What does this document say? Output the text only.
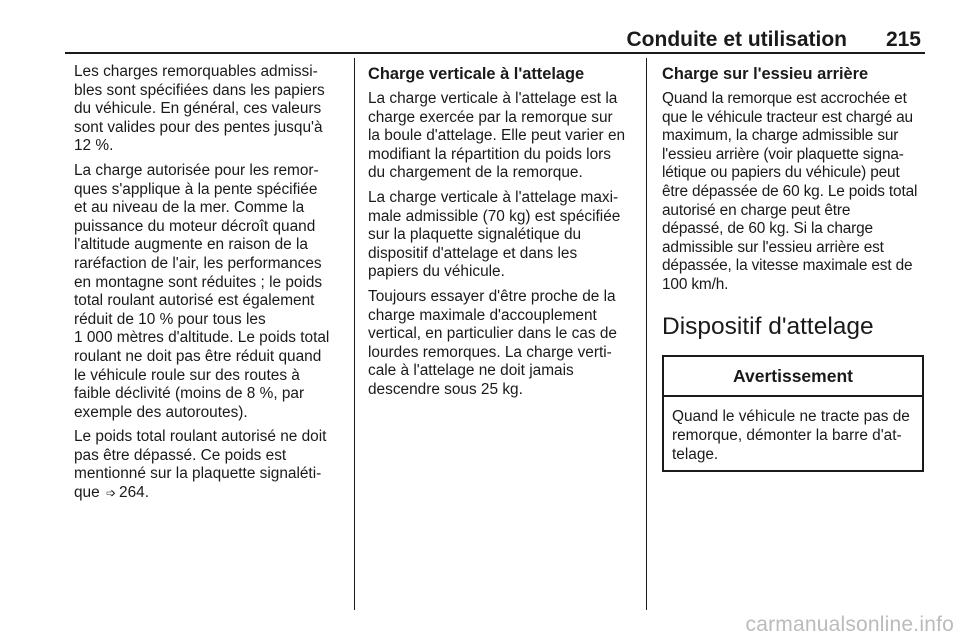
Conduite et utilisation 215

Les charges remorquables admissi-
bles sont spécifiées dans les papiers
du véhicule. En général, ces valeurs
sont valides pour des pentes jusqu'à
12 %.

La charge autorisée pour les remor-
ques s'applique à la pente spécifiée
et au niveau de la mer. Comme la
puissance du moteur décroît quand
l'altitude augmente en raison de la
raréfaction de l'air, les performances
en montagne sont réduites ; le poids
total roulant autorisé est également
réduit de 10 % pour tous les
1 000 mètres d'altitude. Le poids total
roulant ne doit pas être réduit quand
le véhicule roule sur des routes à
faible déclivité (moins de 8 %, par
exemple des autoroutes).

Le poids total roulant autorisé ne doit
pas être dépassé. Ce poids est
mentionné sur la plaquette signaléti-
que ➩ 264.

Charge verticale à l'attelage

La charge verticale à l'attelage est la
charge exercée par la remorque sur
la boule d'attelage. Elle peut varier en
modifiant la répartition du poids lors
du chargement de la remorque.

La charge verticale à l'attelage maxi-
male admissible (70 kg) est spécifiée
sur la plaquette signalétique du
dispositif d'attelage et dans les
papiers du véhicule.

Toujours essayer d'être proche de la
charge maximale d'accouplement
vertical, en particulier dans le cas de
lourdes remorques. La charge verti-
cale à l'attelage ne doit jamais
descendre sous 25 kg.

Charge sur l'essieu arrière

Quand la remorque est accrochée et
que le véhicule tracteur est chargé au
maximum, la charge admissible sur
l'essieu arrière (voir plaquette signa-
létique ou papiers du véhicule) peut
être dépassée de 60 kg. Le poids total
autorisé en charge peut être
dépassé, de 60 kg. Si la charge
admissible sur l'essieu arrière est
dépassée, la vitesse maximale est de
100 km/h.

Dispositif d'attelage
Avertissement

Quand le véhicule ne tracte pas de
remorque, démonter la barre d'at-
telage.

carmanualsonline.info
